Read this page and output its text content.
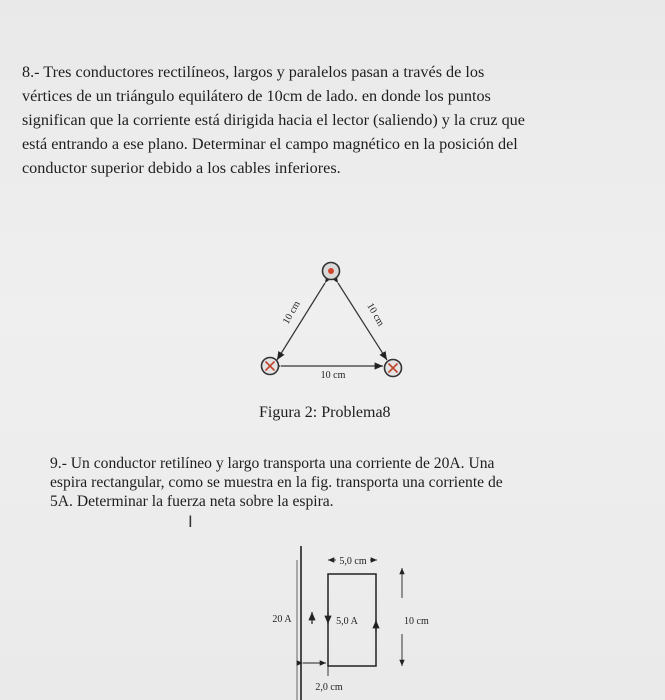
8.- Tres conductores rectilíneos, largos y paralelos pasan a través de los
vértices de un triángulo equilátero de 10cm de lado. en donde los puntos
significan que la corriente está dirigida hacia el lector (saliendo) y la cruz que
está entrando a ese plano. Determinar el campo magnético en la posición del
conductor superior debido a los cables inferiores.
10 cm	10 cm
10 cm
5,0 cm
20 A	5,0 A	10 cm
2,0 cm
Figura 2: Problema8
9.- Un conductor retilíneo y largo transporta una corriente de 20A. Una
espira rectangular, como se muestra en la fig. transporta una corriente de
5A. Determinar la fuerza neta sobre la espira.
I
